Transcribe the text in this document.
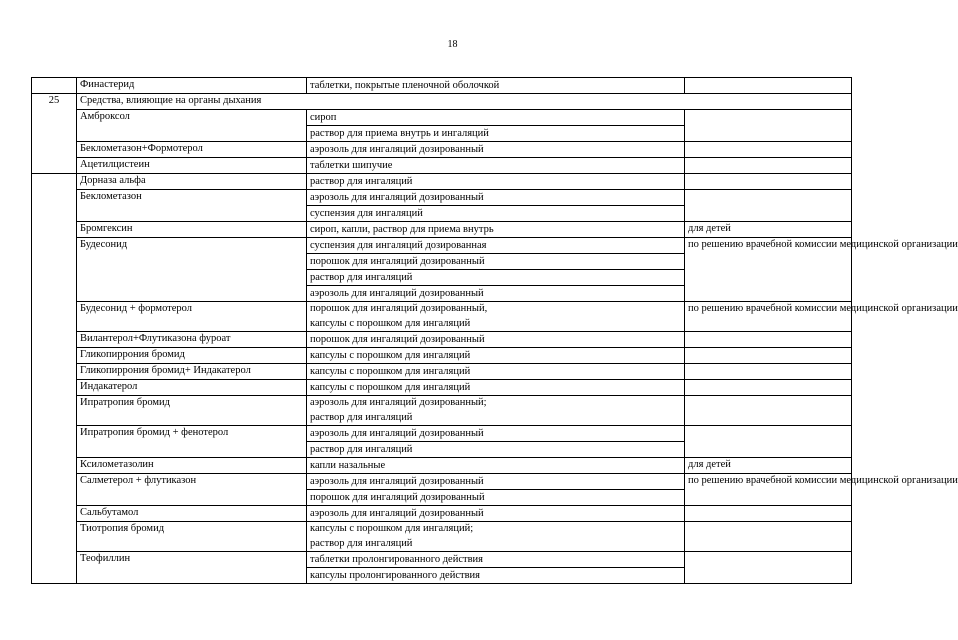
18
	Финастерид	таблетки, покрытые пленочной оболочкой	

25	Средства, влияющие на органы дыхания		
	Амброксол	сироп
раствор для приема внутрь и ингаляций	

	Беклометазон+Формотерол	аэрозоль для ингаляций дозированный	

	Ацетилцистеин	таблетки шипучие	

	Дорназа альфа	раствор для ингаляций	

	Беклометазон	аэрозоль для ингаляций дозированный
суспензия для ингаляций	

	Бромгексин	сироп, капли, раствор для приема внутрь	для детей
	Будесонид	суспензия для ингаляций дозированная
порошок для ингаляций дозированный
раствор для ингаляций
аэрозоль для ингаляций дозированный	по решению врачебной комиссии медицинской организации
	Будесонид + формотерол	порошок для ингаляций дозированный,
капсулы с порошком для ингаляций	по решению врачебной комиссии медицинской организации
	Вилантерол+Флутиказона фуроат	порошок для ингаляций дозированный	

	Гликопиррония бромид	капсулы с порошком для ингаляций	

	Гликопиррония бромид+ Индакатерол	капсулы с порошком для ингаляций	

	Индакатерол	капсулы с порошком для ингаляций	

	Ипратропия бромид	аэрозоль для ингаляций дозированный;
раствор для ингаляций	

	Ипратропия бромид + фенотерол	аэрозоль для ингаляций дозированный
раствор для ингаляций	

	Ксилометазолин	капли назальные	для детей
	Салметерол + флутиказон	аэрозоль для ингаляций дозированный
порошок для ингаляций дозированный	по решению врачебной комиссии медицинской организации
	Сальбутамол	аэрозоль для ингаляций дозированный	

	Тиотропия бромид	капсулы с порошком для ингаляций;
раствор для ингаляций	

	Теофиллин	таблетки пролонгированного действия
капсулы пролонгированного действия	
